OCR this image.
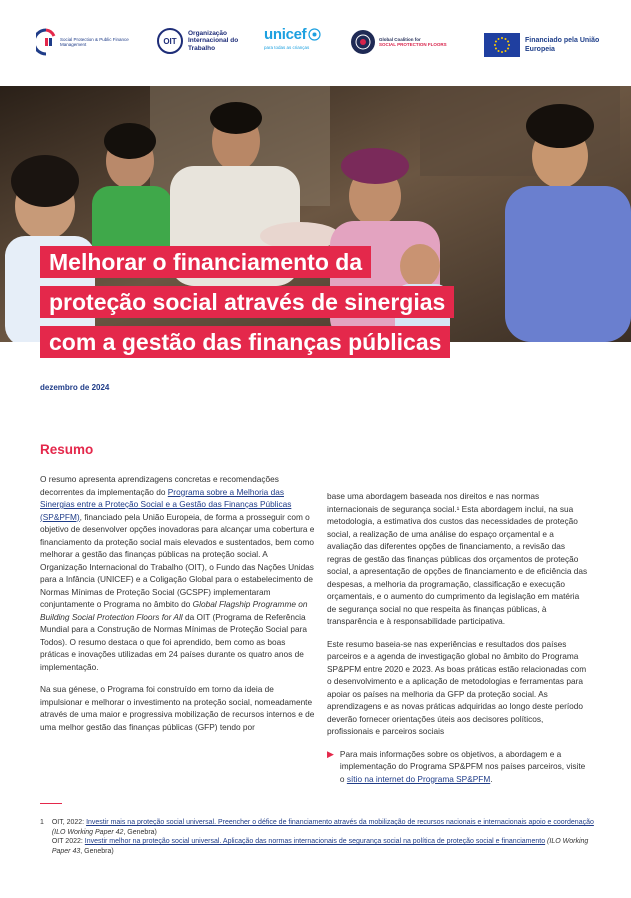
Social Protection & Public Finance Management	OIT
Organização Internacional do Trabalho
unicef
para todas as crianças
Global Coalition for
SOCIAL PROTECTION FLOORS
Financiado pela União Europeia
Melhorar o financiamento da
proteção social através de sinergias
com a gestão das finanças públicas
dezembro de 2024
Resumo

O resumo apresenta aprendizagens concretas e recomendações decorrentes da implementação do Programa sobre a Melhoria das Sinergias entre a Proteção Social e a Gestão das Finanças Públicas (SP&PFM), financiado pela União Europeia, de forma a prosseguir com o objetivo de desenvolver opções inovadoras para alcançar uma cobertura e financiamento da proteção social mais elevados e sustentados, bem como melhorar a gestão das finanças públicas na proteção social. A Organização Internacional do Trabalho (OIT), o Fundo das Nações Unidas para a Infância (UNICEF) e a Coligação Global para o estabelecimento de Normas Mínimas de Proteção Social (GCSPF) implementaram conjuntamente o Programa no âmbito do Global Flagship Programme on Building Social Protection Floors for All da OIT (Programa de Referência Mundial para a Construção de Normas Mínimas de Proteção Social para Todos). O resumo destaca o que foi aprendido, bem como as boas práticas e inovações utilizadas em 24 países durante os quatro anos de implementação.

Na sua génese, o Programa foi construído em torno da ideia de impulsionar e melhorar o investimento na proteção social, nomeadamente através de uma maior e progressiva mobilização de recursos internos e de uma melhor gestão das finanças públicas (GFP) tendo por

base uma abordagem baseada nos direitos e nas normas internacionais de segurança social.¹ Esta abordagem inclui, na sua metodologia, a estimativa dos custos das necessidades de proteção social, a realização de uma análise do espaço orçamental e a avaliação das diferentes opções de financiamento, a revisão das regras de gestão das finanças públicas dos orçamentos de proteção social, a apresentação de opções de financiamento e de eficiência das despesas, a melhoria da programação, classificação e execução orçamentais, e o aumento do cumprimento da legislação em matéria de segurança social no que respeita às finanças públicas, à transparência e à responsabilidade participativa.

Este resumo baseia-se nas experiências e resultados dos países parceiros e a agenda de investigação global no âmbito do Programa SP&PFM entre 2020 e 2023. As boas práticas estão relacionadas com o desenvolvimento e a aplicação de metodologias e ferramentas para apoiar os países na melhoria da GFP da proteção social. As aprendizagens e as novas práticas adquiridas ao longo deste período deverão fornecer orientações úteis aos decisores políticos, profissionais e parceiros sociais

▶ Para mais informações sobre os objetivos, a abordagem e a implementação do Programa SP&PFM nos países parceiros, visite o sítio na internet do Programa SP&PFM.
1	OIT, 2022: Investir mais na proteção social universal. Preencher o défice de financiamento através da mobilização de recursos nacionais e internacionais apoio e coordenação (ILO Working Paper 42, Genebra)
OIT 2022: Investir melhor na proteção social universal. Aplicação das normas internacionais de segurança social na política de proteção social e financiamento (ILO Working Paper 43, Genebra)
